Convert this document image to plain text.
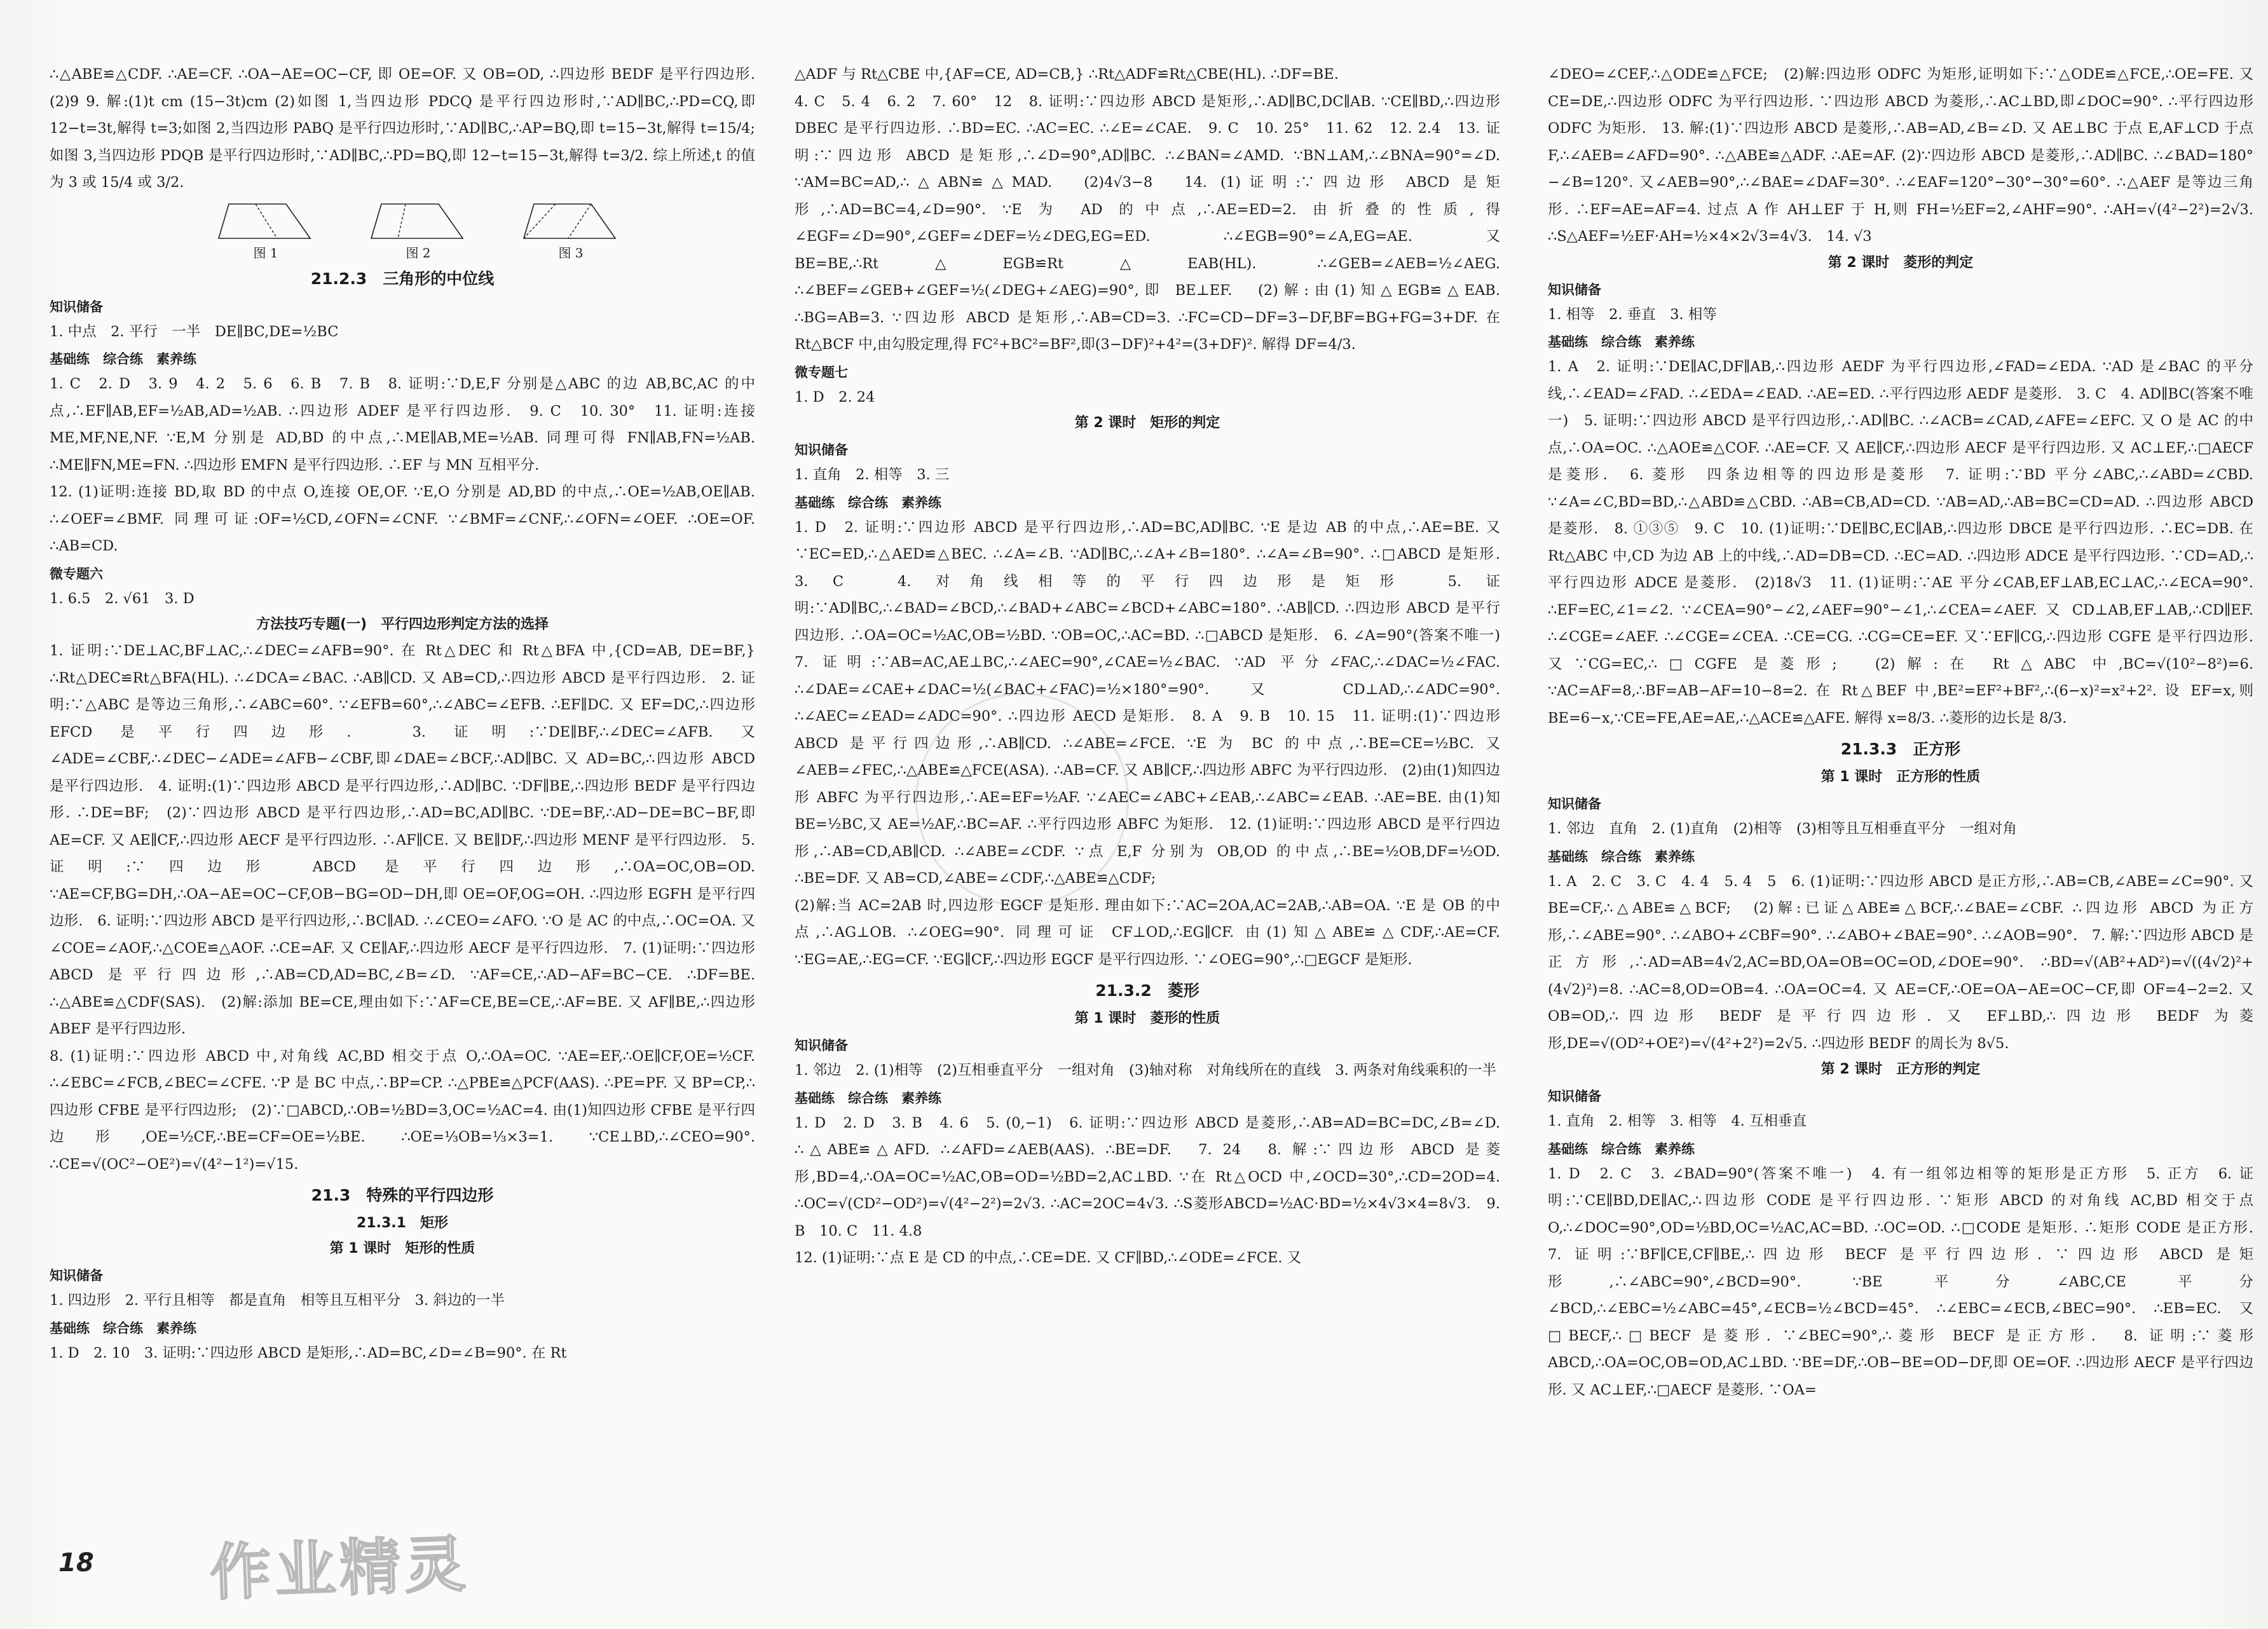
∴△ABE≌△CDF. ∴AE=CF. ∴OA−AE=OC−CF, 即 OE=OF. 又 OB=OD, ∴四边形 BEDF 是平行四边形. (2)9 9. 解:(1)t cm (15−3t)cm (2)如图 1,当四边形 PDCQ 是平行四边形时,∵AD∥BC,∴PD=CQ,即 12−t=3t,解得 t=3;如图 2,当四边形 PABQ 是平行四边形时,∵AD∥BC,∴AP=BQ,即 t=15−3t,解得 t=15/4;如图 3,当四边形 PDQB 是平行四边形时,∵AD∥BC,∴PD=BQ,即 12−t=15−3t,解得 t=3/2. 综上所述,t 的值为 3 或 15/4 或 3/2.

图 1	图 2	图 3
21.2.3　三角形的中位线
知识储备

1. 中点　2. 平行　一半　DE∥BC,DE=½BC

基础练　综合练　素养练

1. C　2. D　3. 9　4. 2　5. 6　6. B　7. B　8. 证明:∵D,E,F 分别是△ABC 的边 AB,BC,AC 的中点,∴EF∥AB,EF=½AB,AD=½AB. ∴四边形 ADEF 是平行四边形.　9. C　10. 30°　11. 证明:连接 ME,MF,NE,NF. ∵E,M 分别是 AD,BD 的中点,∴ME∥AB,ME=½AB. 同理可得 FN∥AB,FN=½AB. ∴ME∥FN,ME=FN. ∴四边形 EMFN 是平行四边形. ∴EF 与 MN 互相平分.

12. (1)证明:连接 BD,取 BD 的中点 O,连接 OE,OF. ∵E,O 分别是 AD,BD 的中点,∴OE=½AB,OE∥AB. ∴∠OEF=∠BMF. 同理可证:OF=½CD,∠OFN=∠CNF. ∵∠BMF=∠CNF,∴∠OFN=∠OEF. ∴OE=OF. ∴AB=CD.

微专题六

1. 6.5　2. √61　3. D

方法技巧专题(一)　平行四边形判定方法的选择

1. 证明:∵DE⊥AC,BF⊥AC,∴∠DEC=∠AFB=90°. 在 Rt△DEC 和 Rt△BFA 中,{CD=AB, DE=BF,} ∴Rt△DEC≌Rt△BFA(HL). ∴∠DCA=∠BAC. ∴AB∥CD. 又 AB=CD,∴四边形 ABCD 是平行四边形.　2. 证明:∵△ABC 是等边三角形,∴∠ABC=60°. ∵∠EFB=60°,∴∠ABC=∠EFB. ∴EF∥DC. 又 EF=DC,∴四边形 EFCD 是平行四边形.　3. 证明:∵DE∥BF,∴∠DEC=∠AFB. 又∠ADE=∠CBF,∴∠DEC−∠ADE=∠AFB−∠CBF,即∠DAE=∠BCF,∴AD∥BC. 又 AD=BC,∴四边形 ABCD 是平行四边形.　4. 证明:(1)∵四边形 ABCD 是平行四边形,∴AD∥BC. ∵DF∥BE,∴四边形 BEDF 是平行四边形. ∴DE=BF;　(2)∵四边形 ABCD 是平行四边形,∴AD=BC,AD∥BC. ∵DE=BF,∴AD−DE=BC−BF,即 AE=CF. 又 AE∥CF,∴四边形 AECF 是平行四边形. ∴AF∥CE. 又 BE∥DF,∴四边形 MENF 是平行四边形.　5. 证明:∵四边形 ABCD 是平行四边形,∴OA=OC,OB=OD. ∵AE=CF,BG=DH,∴OA−AE=OC−CF,OB−BG=OD−DH,即 OE=OF,OG=OH. ∴四边形 EGFH 是平行四边形.　6. 证明:∵四边形 ABCD 是平行四边形,∴BC∥AD. ∴∠CEO=∠AFO. ∵O 是 AC 的中点,∴OC=OA. 又∠COE=∠AOF,∴△COE≌△AOF. ∴CE=AF. 又 CE∥AF,∴四边形 AECF 是平行四边形.　7. (1)证明:∵四边形 ABCD 是平行四边形,∴AB=CD,AD=BC,∠B=∠D. ∵AF=CE,∴AD−AF=BC−CE. ∴DF=BE. ∴△ABE≌△CDF(SAS).　(2)解:添加 BE=CE,理由如下:∵AF=CE,BE=CE,∴AF=BE. 又 AF∥BE,∴四边形 ABEF 是平行四边形.

8. (1)证明:∵四边形 ABCD 中,对角线 AC,BD 相交于点 O,∴OA=OC. ∵AE=EF,∴OE∥CF,OE=½CF. ∴∠EBC=∠FCB,∠BEC=∠CFE. ∵P 是 BC 中点,∴BP=CP. ∴△PBE≌△PCF(AAS). ∴PE=PF. 又 BP=CP,∴四边形 CFBE 是平行四边形;　(2)∵□ABCD,∴OB=½BD=3,OC=½AC=4. 由(1)知四边形 CFBE 是平行四边形,OE=½CF,∴BE=CF=OE=½BE. ∴OE=⅓OB=⅓×3=1. ∵CE⊥BD,∴∠CEO=90°. ∴CE=√(OC²−OE²)=√(4²−1²)=√15.

21.3　特殊的平行四边形
21.3.1　矩形
第 1 课时　矩形的性质
知识储备

1. 四边形　2. 平行且相等　都是直角　相等且互相平分　3. 斜边的一半

基础练　综合练　素养练

1. D　2. 10　3. 证明:∵四边形 ABCD 是矩形,∴AD=BC,∠D=∠B=90°. 在 Rt

△ADF 与 Rt△CBE 中,{AF=CE, AD=CB,} ∴Rt△ADF≌Rt△CBE(HL). ∴DF=BE.

4. C　5. 4　6. 2　7. 60°　12　8. 证明:∵四边形 ABCD 是矩形,∴AD∥BC,DC∥AB. ∵CE∥BD,∴四边形 DBEC 是平行四边形. ∴BD=EC. ∴AC=EC. ∴∠E=∠CAE.　9. C　10. 25°　11. 62　12. 2.4　13. 证明:∵四边形 ABCD 是矩形,∴∠D=90°,AD∥BC. ∴∠BAN=∠AMD. ∵BN⊥AM,∴∠BNA=90°=∠D. ∵AM=BC=AD,∴△ABN≌△MAD.　(2)4√3−8　14. (1)证明:∵四边形 ABCD 是矩形,∴AD=BC=4,∠D=90°. ∵E 为 AD 的中点,∴AE=ED=2. 由折叠的性质,得∠EGF=∠D=90°,∠GEF=∠DEF=½∠DEG,EG=ED. ∴∠EGB=90°=∠A,EG=AE. 又 BE=BE,∴Rt△EGB≌Rt△EAB(HL). ∴∠GEB=∠AEB=½∠AEG. ∴∠BEF=∠GEB+∠GEF=½(∠DEG+∠AEG)=90°,即 BE⊥EF.　(2)解:由(1)知△EGB≌△EAB. ∴BG=AB=3. ∵四边形 ABCD 是矩形,∴AB=CD=3. ∴FC=CD−DF=3−DF,BF=BG+FG=3+DF. 在 Rt△BCF 中,由勾股定理,得 FC²+BC²=BF²,即(3−DF)²+4²=(3+DF)². 解得 DF=4/3.

微专题七

1. D　2. 24

第 2 课时　矩形的判定
知识储备

1. 直角　2. 相等　3. 三

基础练　综合练　素养练

1. D　2. 证明:∵四边形 ABCD 是平行四边形,∴AD=BC,AD∥BC. ∵E 是边 AB 的中点,∴AE=BE. 又∵EC=ED,∴△AED≌△BEC. ∴∠A=∠B. ∵AD∥BC,∴∠A+∠B=180°. ∴∠A=∠B=90°. ∴□ABCD 是矩形.　3. C　4. 对角线相等的平行四边形是矩形　5. 证明:∵AD∥BC,∴∠BAD=∠BCD,∴∠BAD+∠ABC=∠BCD+∠ABC=180°. ∴AB∥CD. ∴四边形 ABCD 是平行四边形. ∴OA=OC=½AC,OB=½BD. ∵OB=OC,∴AC=BD. ∴□ABCD 是矩形.　6. ∠A=90°(答案不唯一)　7. 证明:∵AB=AC,AE⊥BC,∴∠AEC=90°,∠CAE=½∠BAC. ∵AD 平分∠FAC,∴∠DAC=½∠FAC. ∴∠DAE=∠CAE+∠DAC=½(∠BAC+∠FAC)=½×180°=90°. 又 CD⊥AD,∴∠ADC=90°. ∴∠AEC=∠EAD=∠ADC=90°. ∴四边形 AECD 是矩形.　8. A　9. B　10. 15　11. 证明:(1)∵四边形 ABCD 是平行四边形,∴AB∥CD. ∴∠ABE=∠FCE. ∵E 为 BC 的中点,∴BE=CE=½BC. 又∠AEB=∠FEC,∴△ABE≌△FCE(ASA). ∴AB=CF. 又 AB∥CF,∴四边形 ABFC 为平行四边形.　(2)由(1)知四边形 ABFC 为平行四边形,∴AE=EF=½AF. ∵∠AEC=∠ABC+∠EAB,∴∠ABC=∠EAB. ∴AE=BE. 由(1)知 BE=½BC,又 AE=½AF,∴BC=AF. ∴平行四边形 ABFC 为矩形.　12. (1)证明:∵四边形 ABCD 是平行四边形,∴AB=CD,AB∥CD. ∴∠ABE=∠CDF. ∵点 E,F 分别为 OB,OD 的中点,∴BE=½OB,DF=½OD. ∴BE=DF. 又 AB=CD,∠ABE=∠CDF,∴△ABE≌△CDF;

(2)解:当 AC=2AB 时,四边形 EGCF 是矩形. 理由如下:∵AC=2OA,AC=2AB,∴AB=OA. ∵E 是 OB 的中点,∴AG⊥OB. ∴∠OEG=90°. 同理可证 CF⊥OD,∴EG∥CF. 由(1)知△ABE≌△CDF,∴AE=CF. ∵EG=AE,∴EG=CF. ∵EG∥CF,∴四边形 EGCF 是平行四边形. ∵∠OEG=90°,∴□EGCF 是矩形.

21.3.2　菱形
第 1 课时　菱形的性质
知识储备

1. 邻边　2. (1)相等　(2)互相垂直平分　一组对角　(3)轴对称　对角线所在的直线　3. 两条对角线乘积的一半

基础练　综合练　素养练

1. D　2. D　3. B　4. 6　5. (0,−1)　6. 证明:∵四边形 ABCD 是菱形,∴AB=AD=BC=DC,∠B=∠D. ∴△ABE≌△AFD. ∴∠AFD=∠AEB(AAS). ∴BE=DF.　7. 24　8. 解:∵四边形 ABCD 是菱形,BD=4,∴OA=OC=½AC,OB=OD=½BD=2,AC⊥BD. ∵在 Rt△OCD 中,∠OCD=30°,∴CD=2OD=4. ∴OC=√(CD²−OD²)=√(4²−2²)=2√3. ∴AC=2OC=4√3. ∴S菱形ABCD=½AC·BD=½×4√3×4=8√3.　9. B　10. C　11. 4.8

12. (1)证明:∵点 E 是 CD 的中点,∴CE=DE. 又 CF∥BD,∴∠ODE=∠FCE. 又

∠DEO=∠CEF,∴△ODE≌△FCE;　(2)解:四边形 ODFC 为矩形,证明如下:∵△ODE≌△FCE,∴OE=FE. 又 CE=DE,∴四边形 ODFC 为平行四边形. ∵四边形 ABCD 为菱形,∴AC⊥BD,即∠DOC=90°. ∴平行四边形 ODFC 为矩形.　13. 解:(1)∵四边形 ABCD 是菱形,∴AB=AD,∠B=∠D. 又 AE⊥BC 于点 E,AF⊥CD 于点 F,∴∠AEB=∠AFD=90°. ∴△ABE≌△ADF. ∴AE=AF. (2)∵四边形 ABCD 是菱形,∴AD∥BC. ∴∠BAD=180°−∠B=120°. 又∠AEB=90°,∴∠BAE=∠DAF=30°. ∴∠EAF=120°−30°−30°=60°. ∴△AEF 是等边三角形. ∴EF=AE=AF=4. 过点 A 作 AH⊥EF 于 H,则 FH=½EF=2,∠AHF=90°. ∴AH=√(4²−2²)=2√3. ∴S△AEF=½EF·AH=½×4×2√3=4√3.　14. √3

第 2 课时　菱形的判定
知识储备

1. 相等　2. 垂直　3. 相等

基础练　综合练　素养练

1. A　2. 证明:∵DE∥AC,DF∥AB,∴四边形 AEDF 为平行四边形,∠FAD=∠EDA. ∵AD 是∠BAC 的平分线,∴∠EAD=∠FAD. ∴∠EDA=∠EAD. ∴AE=ED. ∴平行四边形 AEDF 是菱形.　3. C　4. AD∥BC(答案不唯一)　5. 证明:∵四边形 ABCD 是平行四边形,∴AD∥BC. ∴∠ACB=∠CAD,∠AFE=∠EFC. 又 O 是 AC 的中点,∴OA=OC. ∴△AOE≌△COF. ∴AE=CF. 又 AE∥CF,∴四边形 AECF 是平行四边形. 又 AC⊥EF,∴□AECF 是菱形.　6. 菱形　四条边相等的四边形是菱形　7. 证明:∵BD 平分∠ABC,∴∠ABD=∠CBD. ∵∠A=∠C,BD=BD,∴△ABD≌△CBD. ∴AB=CB,AD=CD. ∵AB=AD,∴AB=BC=CD=AD. ∴四边形 ABCD 是菱形.　8. ①③⑤　9. C　10. (1)证明:∵DE∥BC,EC∥AB,∴四边形 DBCE 是平行四边形. ∴EC=DB. 在 Rt△ABC 中,CD 为边 AB 上的中线,∴AD=DB=CD. ∴EC=AD. ∴四边形 ADCE 是平行四边形. ∵CD=AD,∴平行四边形 ADCE 是菱形.　(2)18√3　11. (1)证明:∵AE 平分∠CAB,EF⊥AB,EC⊥AC,∴∠ECA=90°. ∴EF=EC,∠1=∠2. ∵∠CEA=90°−∠2,∠AEF=90°−∠1,∴∠CEA=∠AEF. 又 CD⊥AB,EF⊥AB,∴CD∥EF. ∴∠CGE=∠AEF. ∴∠CGE=∠CEA. ∴CE=CG. ∴CG=CE=EF. 又∵EF∥CG,∴四边形 CGFE 是平行四边形. 又∵CG=EC,∴□CGFE 是菱形;　(2)解:在 Rt△ABC 中,BC=√(10²−8²)=6. ∵AC=AF=8,∴BF=AB−AF=10−8=2. 在 Rt△BEF 中,BE²=EF²+BF²,∴(6−x)²=x²+2². 设 EF=x,则 BE=6−x,∵CE=FE,AE=AE,∴△ACE≌△AFE. 解得 x=8/3. ∴菱形的边长是 8/3.

21.3.3　正方形
第 1 课时　正方形的性质
知识储备

1. 邻边　直角　2. (1)直角　(2)相等　(3)相等且互相垂直平分　一组对角

基础练　综合练　素养练

1. A　2. C　3. C　4. 4　5. 4　5　6. (1)证明:∵四边形 ABCD 是正方形,∴AB=CB,∠ABE=∠C=90°. 又 BE=CF,∴△ABE≌△BCF;　(2)解:已证△ABE≌△BCF,∴∠BAE=∠CBF. ∴四边形 ABCD 为正方形,∴∠ABE=90°. ∴∠ABO+∠CBF=90°. ∴∠ABO+∠BAE=90°. ∴∠AOB=90°.　7. 解:∵四边形 ABCD 是正方形,∴AD=AB=4√2,AC=BD,OA=OB=OC=OD,∠DOE=90°. ∴BD=√(AB²+AD²)=√((4√2)²+(4√2)²)=8. ∴AC=8,OD=OB=4. ∴OA=OC=4. 又 AE=CF,∴OE=OA−AE=OC−CF,即 OF=4−2=2. 又 OB=OD,∴四边形 BEDF 是平行四边形. 又 EF⊥BD,∴四边形 BEDF 为菱形,DE=√(OD²+OE²)=√(4²+2²)=2√5. ∴四边形 BEDF 的周长为 8√5.

第 2 课时　正方形的判定
知识储备

1. 直角　2. 相等　3. 相等　4. 互相垂直

基础练　综合练　素养练

1. D　2. C　3. ∠BAD=90°(答案不唯一)　4. 有一组邻边相等的矩形是正方形　5. 正方　6. 证明:∵CE∥BD,DE∥AC,∴四边形 CODE 是平行四边形. ∵矩形 ABCD 的对角线 AC,BD 相交于点 O,∴∠DOC=90°,OD=½BD,OC=½AC,AC=BD. ∴OC=OD. ∴□CODE 是矩形. ∴矩形 CODE 是正方形.　7. 证明:∵BF∥CE,CF∥BE,∴四边形 BECF 是平行四边形. ∵四边形 ABCD 是矩形,∴∠ABC=90°,∠BCD=90°. ∵BE 平分∠ABC,CE 平分∠BCD,∴∠EBC=½∠ABC=45°,∠ECB=½∠BCD=45°. ∴∠EBC=∠ECB,∠BEC=90°. ∴EB=EC. 又□BECF,∴□BECF 是菱形. ∵∠BEC=90°,∴菱形 BECF 是正方形.　8. 证明:∵菱形 ABCD,∴OA=OC,OB=OD,AC⊥BD. ∵BE=DF,∴OB−BE=OD−DF,即 OE=OF. ∴四边形 AECF 是平行四边形. 又 AC⊥EF,∴□AECF 是菱形. ∵OA=

18 作业精灵
